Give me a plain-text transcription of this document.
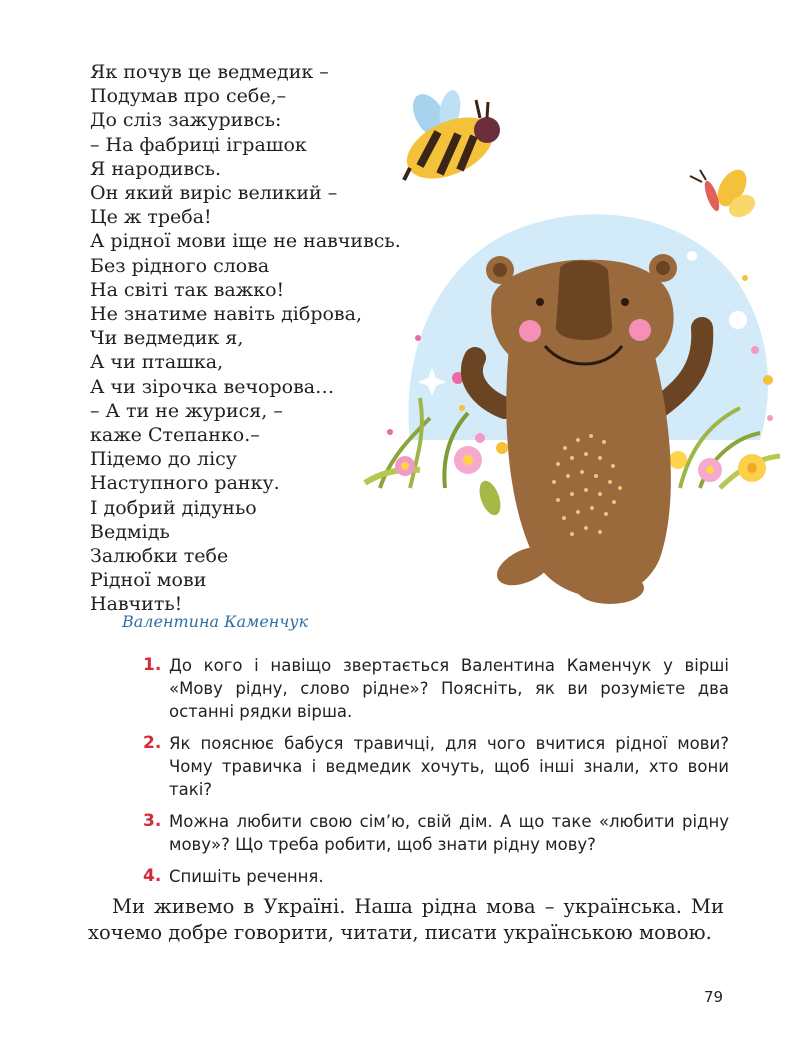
Як почув це ведмедик –
Подумав про себе,–
До сліз зажуривсь:
– На фабриці іграшок
Я народивсь.
Он який виріс великий –
Це ж треба!
А рідної мови іще не навчивсь.
Без рідного слова
На світі так важко!
Не знатиме навіть діброва,
Чи ведмедик я,
А чи пташка,
А чи зірочка вечорова…
– А ти не журися, –
каже Степанко.–
Підемо до лісу
Наступного ранку.
І добрий дідуньо
Ведмідь
Залюбки тебе
Рідної мови
Навчить!
Валентина Каменчук
1. До кого і навіщо звертається Валентина Каменчук у вірші «Мову рідну, слово рідне»? Поясніть, як ви розумієте два останні рядки вірша.
2. Як пояснює бабуся травичці, для чого вчитися рідної мови? Чому травичка і ведмедик хочуть, щоб інші знали, хто вони такі?
3. Можна любити свою сім’ю, свій дім. А що таке «любити рідну мову»? Що треба робити, щоб знати рідну мову?
4. Спишіть речення.
Ми живемо в Україні. Наша рідна мова – українська. Ми хочемо добре говорити, читати, писати українською мовою.
79
